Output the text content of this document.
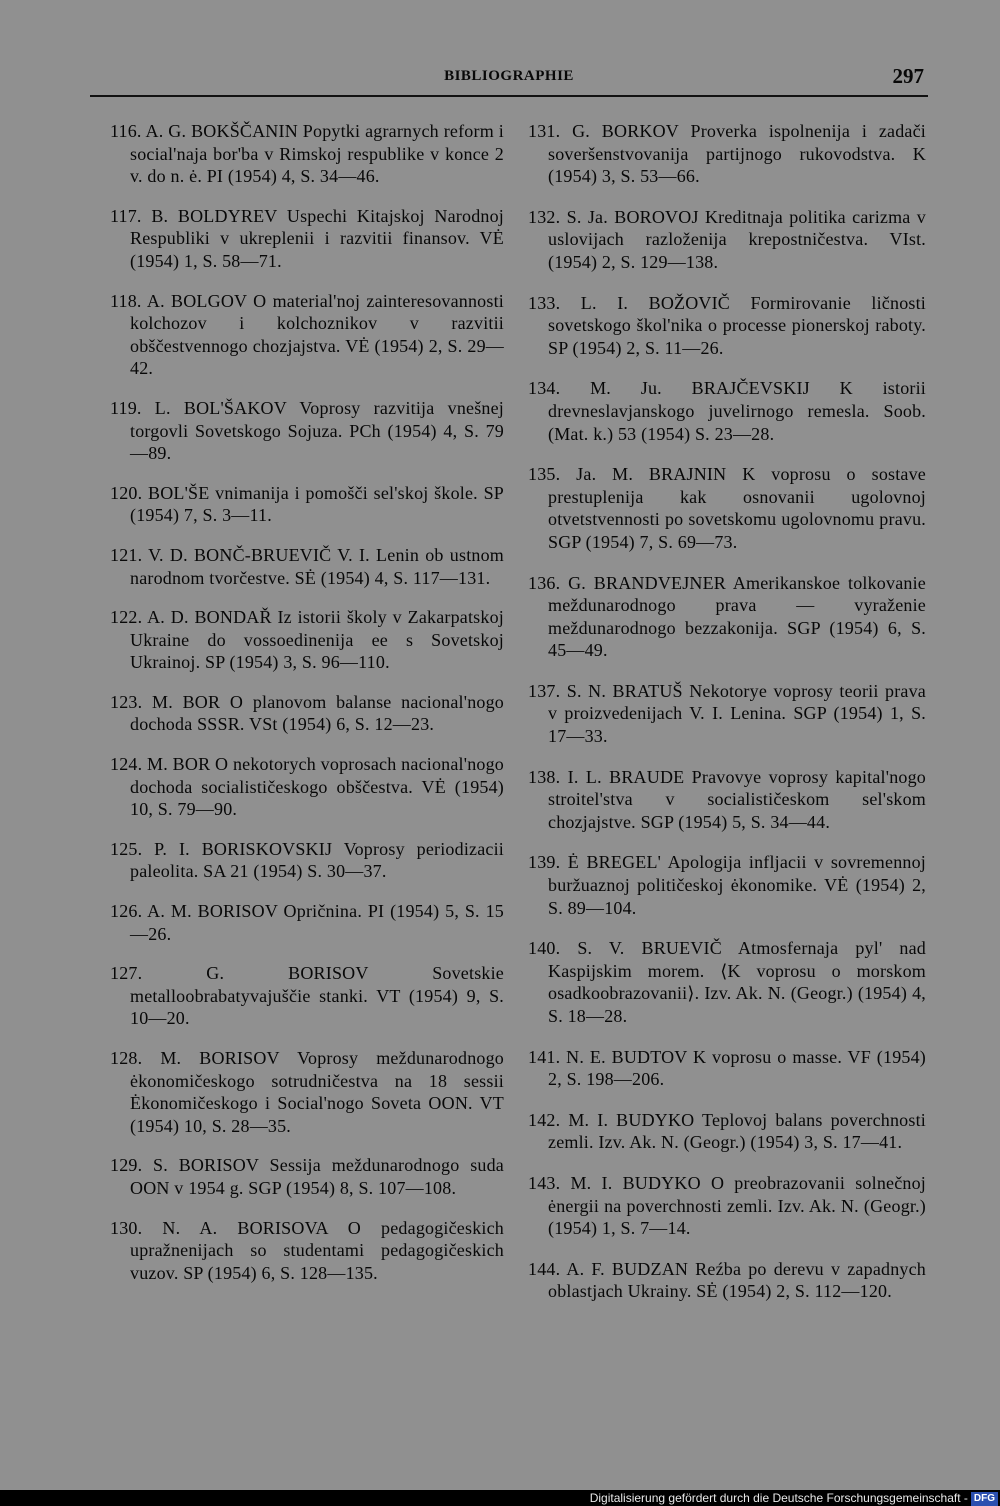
BIBLIOGRAPHIE	297

116. A. G. BOKŠČANIN Popytki agrarnych reform i social'naja bor'ba v Rimskoj respublike v konce 2 v. do n. ė. PI (1954) 4, S. 34—46.

117. B. BOLDYREV Uspechi Kitajskoj Narodnoj Respubliki v ukreplenii i razvitii finansov. VĖ (1954) 1, S. 58—71.

118. A. BOLGOV O material'noj zainteresovannosti kolchozov i kolchoznikov v razvitii obščestvennogo chozjajstva. VĖ (1954) 2, S. 29—42.

119. L. BOL'ŠAKOV Voprosy razvitija vnešnej torgovli Sovetskogo Sojuza. PCh (1954) 4, S. 79—89.

120. BOL'ŠE vnimanija i pomošči sel'skoj škole. SP (1954) 7, S. 3—11.

121. V. D. BONČ-BRUEVIČ V. I. Lenin ob ustnom narodnom tvorčestve. SĖ (1954) 4, S. 117—131.

122. A. D. BONDAŘ Iz istorii školy v Zakarpatskoj Ukraine do vossoedinenija ee s Sovetskoj Ukrainoj. SP (1954) 3, S. 96—110.

123. M. BOR O planovom balanse nacional'nogo dochoda SSSR. VSt (1954) 6, S. 12—23.

124. M. BOR O nekotorych voprosach nacional'nogo dochoda socialističeskogo obščestva. VĖ (1954) 10, S. 79—90.

125. P. I. BORISKOVSKIJ Voprosy periodizacii paleolita. SA 21 (1954) S. 30—37.

126. A. M. BORISOV Opričnina. PI (1954) 5, S. 15—26.

127. G. BORISOV Sovetskie metalloobrabatyvajuščie stanki. VT (1954) 9, S. 10—20.

128. M. BORISOV Voprosy meždunarodnogo ėkonomičeskogo sotrudničestva na 18 sessii Ėkonomičeskogo i Social'nogo Soveta OON. VT (1954) 10, S. 28—35.

129. S. BORISOV Sessija meždunarodnogo suda OON v 1954 g. SGP (1954) 8, S. 107—108.

130. N. A. BORISOVA O pedagogičeskich upražnenijach so studentami pedagogičeskich vuzov. SP (1954) 6, S. 128—135.

131. G. BORKOV Proverka ispolnenija i zadači soveršenstvovanija partijnogo rukovodstva. K (1954) 3, S. 53—66.

132. S. Ja. BOROVOJ Kreditnaja politika carizma v uslovijach razloženija krepostničestva. VIst. (1954) 2, S. 129—138.

133. L. I. BOŽOVIČ Formirovanie ličnosti sovetskogo škol'nika o processe pionerskoj raboty. SP (1954) 2, S. 11—26.

134. M. Ju. BRAJČEVSKIJ K istorii drevneslavjanskogo juvelirnogo remesla. Soob. (Mat. k.) 53 (1954) S. 23—28.

135. Ja. M. BRAJNIN K voprosu o sostave prestuplenija kak osnovanii ugolovnoj otvetstvennosti po sovetskomu ugolovnomu pravu. SGP (1954) 7, S. 69—73.

136. G. BRANDVEJNER Amerikanskoe tolkovanie meždunarodnogo prava — vyraženie meždunarodnogo bezzakonija. SGP (1954) 6, S. 45—49.

137. S. N. BRATUŠ Nekotorye voprosy teorii prava v proizvedenijach V. I. Lenina. SGP (1954) 1, S. 17—33.

138. I. L. BRAUDE Pravovye voprosy kapital'nogo stroitel'stva v socialističeskom sel'skom chozjajstve. SGP (1954) 5, S. 34—44.

139. Ė BREGEL' Apologija infljacii v sovremennoj buržuaznoj političeskoj ėkonomike. VĖ (1954) 2, S. 89—104.

140. S. V. BRUEVIČ Atmosfernaja pyl' nad Kaspijskim morem. ⟨K voprosu o morskom osadkoobrazovanii⟩. Izv. Ak. N. (Geogr.) (1954) 4, S. 18—28.

141. N. E. BUDTOV K voprosu o masse. VF (1954) 2, S. 198—206.

142. M. I. BUDYKO Teplovoj balans poverchnosti zemli. Izv. Ak. N. (Geogr.) (1954) 3, S. 17—41.

143. M. I. BUDYKO O preobrazovanii solnečnoj ėnergii na poverchnosti zemli. Izv. Ak. N. (Geogr.) (1954) 1, S. 7—14.

144. A. F. BUDZAN Reźba po derevu v zapadnych oblastjach Ukrainy. SĖ (1954) 2, S. 112—120.

Digitalisierung gefördert durch die Deutsche Forschungsgemeinschaft - DFG
